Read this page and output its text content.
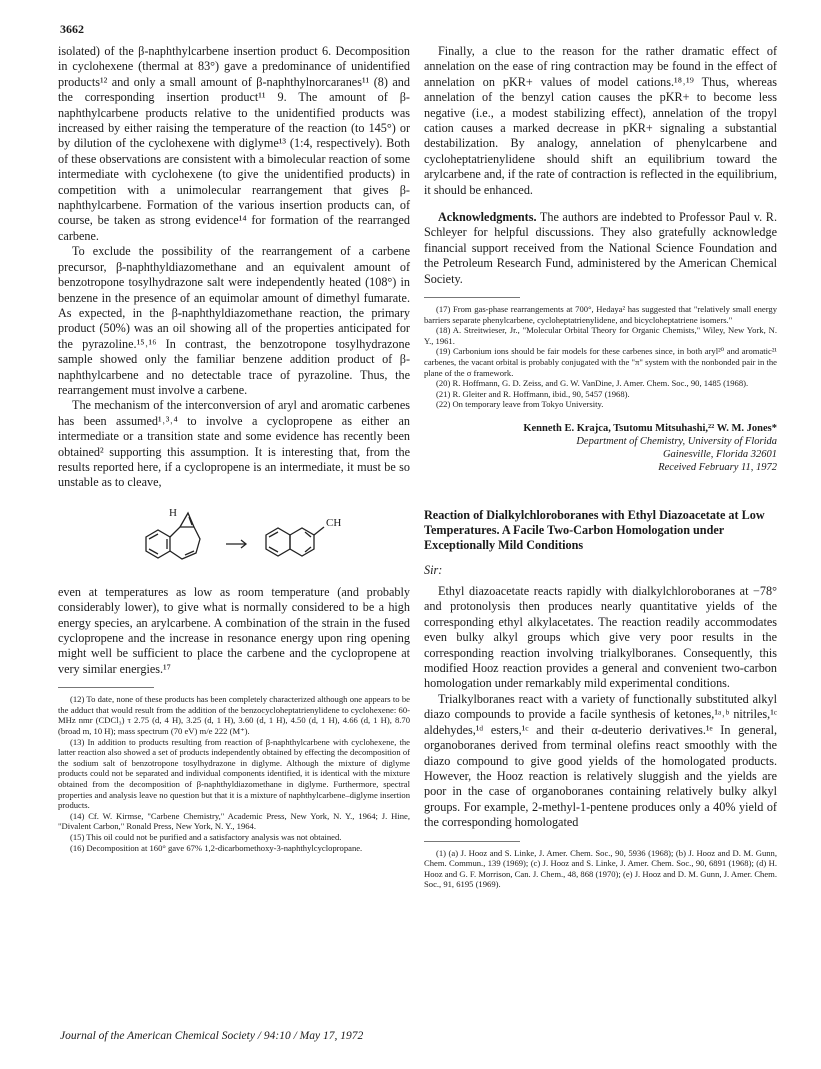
3662

isolated) of the β-naphthylcarbene insertion product 6. Decomposition in cyclohexene (thermal at 83°) gave a predominance of unidentified products¹² and only a small amount of β-naphthylnorcaranes¹¹ (8) and the corresponding insertion product¹¹ 9. The amount of β-naphthylcarbene products relative to the unidentified products was increased by either raising the temperature of the reaction (to 145°) or by dilution of the cyclohexene with diglyme¹³ (1:4, respectively). Both of these observations are consistent with a bimolecular reaction of some intermediate with cyclohexene (to give the unidentified products) in competition with a unimolecular rearrangement that gives β-naphthylcarbene. Formation of the various insertion products can, of course, be taken as strong evidence¹⁴ for formation of the rearranged carbene.

To exclude the possibility of the rearrangement of a carbene precursor, β-naphthyldiazomethane and an equivalent amount of benzotropone tosylhydrazone salt were independently heated (108°) in benzene in the presence of an equimolar amount of dimethyl fumarate. As expected, in the β-naphthyldiazomethane reaction, the primary product (50%) was an oil showing all of the properties anticipated for the pyrazoline.¹⁵˒¹⁶ In contrast, the benzotropone tosylhydrazone sample showed only the familiar benzene addition product of β-naphthylcarbene and no detectable trace of pyrazoline. Thus, the rearrangement must involve a carbene.

The mechanism of the interconversion of aryl and aromatic carbenes has been assumed¹˒³˒⁴ to involve a cyclopropene as either an intermediate or a transition state and some evidence has recently been obtained² supporting this assumption. It is interesting that, from the results reported here, if a cyclopropene is an intermediate, it must be so unstable as to cleave,

H
CH

even at temperatures as low as room temperature (and probably considerably lower), to give what is normally considered to be a high energy species, an arylcarbene. A combination of the strain in the fused cyclopropene and the increase in resonance energy upon ring opening might well be sufficient to place the carbene and the cyclopropene at very similar energies.¹⁷

(12) To date, none of these products has been completely characterized although one appears to be the adduct that would result from the addition of the benzocycloheptatrienylidene to cyclohexene: 60-MHz nmr (CDCl₃) τ 2.75 (d, 4 H), 3.25 (d, 1 H), 3.60 (d, 1 H), 4.50 (d, 1 H), 4.66 (d, 1 H), 8.70 (broad m, 10 H); mass spectrum (70 eV) m/e 222 (M⁺).

(13) In addition to products resulting from reaction of β-naphthylcarbene with cyclohexene, the latter reaction also showed a set of products independently obtained by effecting the decomposition of the sodium salt of benzotropone tosylhydrazone in diglyme. Although the mixture of diglyme products could not be separated and individual components identified, it is identical with the mixture obtained from the decomposition of β-naphthyldiazomethane in diglyme. Furthermore, spectral properties and analysis leave no question but that it is a mixture of naphthylcarbene–diglyme insertion products.

(14) Cf. W. Kirmse, "Carbene Chemistry," Academic Press, New York, N. Y., 1964; J. Hine, "Divalent Carbon," Ronald Press, New York, N. Y., 1964.

(15) This oil could not be purified and a satisfactory analysis was not obtained.

(16) Decomposition at 160° gave 67% 1,2-dicarbomethoxy-3-naphthylcyclopropane.

Finally, a clue to the reason for the rather dramatic effect of annelation on the ease of ring contraction may be found in the effect of annelation on pKR+ values of model cations.¹⁸˒¹⁹ Thus, whereas annelation of the benzyl cation causes the pKR+ to become less negative (i.e., a modest stabilizing effect), annelation of the tropyl cation causes a marked decrease in pKR+ signaling a substantial destabilization. By analogy, annelation of phenylcarbene and cycloheptatrienylidene should shift an equilibrium toward the arylcarbene and, if the rate of contraction is reflected in the equilibrium, it should be enhanced.

Acknowledgments. The authors are indebted to Professor Paul v. R. Schleyer for helpful discussions. They also gratefully acknowledge financial support received from the National Science Foundation and the Petroleum Research Fund, administered by the American Chemical Society.

(17) From gas-phase rearrangements at 700°, Hedaya² has suggested that "relatively small energy barriers separate phenylcarbene, cycloheptatrienylidene, and bicycloheptatriene isomers."

(18) A. Streitwieser, Jr., "Molecular Orbital Theory for Organic Chemists," Wiley, New York, N. Y., 1961.

(19) Carbonium ions should be fair models for these carbenes since, in both aryl²⁰ and aromatic²¹ carbenes, the vacant orbital is probably conjugated with the "π" system with the nonbonded pair in the plane of the σ framework.

(20) R. Hoffmann, G. D. Zeiss, and G. W. VanDine, J. Amer. Chem. Soc., 90, 1485 (1968).

(21) R. Gleiter and R. Hoffmann, ibid., 90, 5457 (1968).

(22) On temporary leave from Tokyo University.

Kenneth E. Krajca, Tsutomu Mitsuhashi,²² W. M. Jones*
Department of Chemistry, University of Florida
Gainesville, Florida 32601
Received February 11, 1972
Reaction of Dialkylchloroboranes with Ethyl Diazoacetate at Low Temperatures. A Facile Two-Carbon Homologation under Exceptionally Mild Conditions
Sir:

Ethyl diazoacetate reacts rapidly with dialkylchloroboranes at −78° and protonolysis then produces nearly quantitative yields of the corresponding ethyl alkylacetates. The reaction readily accommodates even bulky alkyl groups which give very poor results in the corresponding reaction involving trialkylboranes. Consequently, this modified Hooz reaction provides a general and convenient two-carbon homologation under remarkably mild experimental conditions.

Trialkylboranes react with a variety of functionally substituted alkyl diazo compounds to provide a facile synthesis of ketones,¹ᵃ˒ᵇ nitriles,¹ᶜ aldehydes,¹ᵈ esters,¹ᶜ and their α-deuterio derivatives.¹ᵉ In general, organoboranes derived from terminal olefins react smoothly with the diazo compound to give good yields of the homologated products. However, the Hooz reaction is relatively sluggish and the yields are poor in the case of organoboranes containing relatively bulky alkyl groups. For example, 2-methyl-1-pentene produces only a 40% yield of the corresponding homologated

(1) (a) J. Hooz and S. Linke, J. Amer. Chem. Soc., 90, 5936 (1968); (b) J. Hooz and D. M. Gunn, Chem. Commun., 139 (1969); (c) J. Hooz and S. Linke, J. Amer. Chem. Soc., 90, 6891 (1968); (d) H. Hooz and G. F. Morrison, Can. J. Chem., 48, 868 (1970); (e) J. Hooz and D. M. Gunn, J. Amer. Chem. Soc., 91, 6195 (1969).

Journal of the American Chemical Society / 94:10 / May 17, 1972
